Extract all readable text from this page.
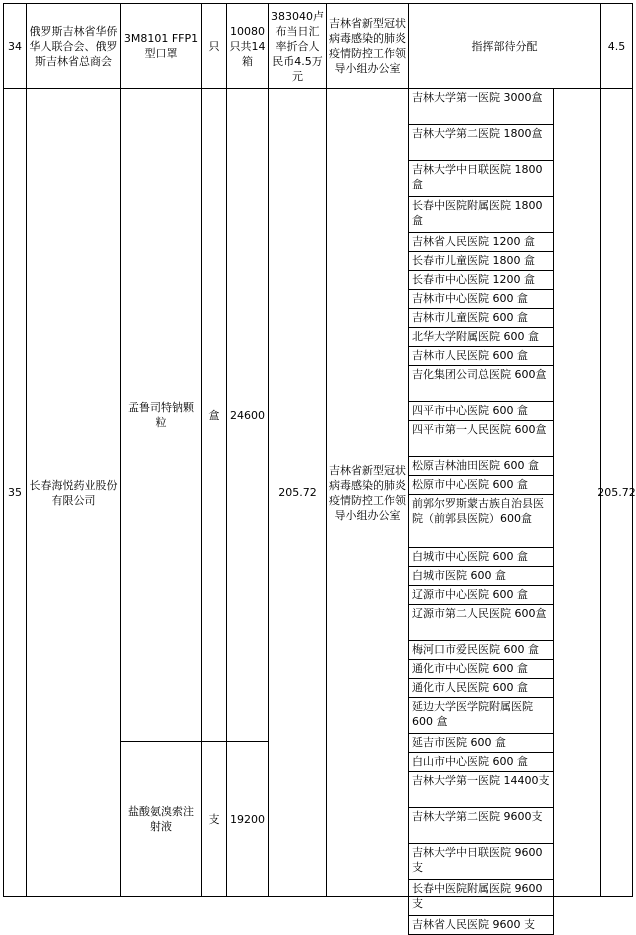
34
俄罗斯吉林省华侨华人联合会、俄罗斯吉林省总商会
3M8101 FFP1型口罩
只
10080只共14箱
383040卢布当日汇率折合人民币4.5万元
吉林省新型冠状病毒感染的肺炎疫情防控工作领导小组办公室
指挥部待分配	4.5
35
长春海悦药业股份有限公司
孟鲁司特钠颗粒
盒 24600
盐酸氨溴索注射液
支 19200
205.72
吉林省新型冠状病毒感染的肺炎疫情防控工作领导小组办公室
205.72
吉林大学第一医院 3000盒
吉林大学第二医院 1800盒
吉林大学中日联医院 1800盒
长春中医院附属医院 1800盒
吉林省人民医院 1200 盒
长春市儿童医院 1800 盒
长春市中心医院 1200 盒
吉林市中心医院 600 盒
吉林市儿童医院 600 盒
北华大学附属医院 600 盒
吉林市人民医院 600 盒
吉化集团公司总医院 600盒
四平市中心医院 600 盒
四平市第一人民医院 600盒
松原吉林油田医院 600 盒
松原市中心医院 600 盒
前郭尔罗斯蒙古族自治县医院（前郭县医院）600盒
白城市中心医院 600 盒
白城市医院 600 盒
辽源市中心医院 600 盒
辽源市第二人民医院 600盒
梅河口市爱民医院 600 盒
通化市中心医院 600 盒
通化市人民医院 600 盒
延边大学医学院附属医院600 盒
延吉市医院 600 盒
白山市中心医院 600 盒
吉林大学第一医院 14400支
吉林大学第二医院 9600支
吉林大学中日联医院 9600支
长春中医院附属医院 9600支
吉林省人民医院 9600 支
